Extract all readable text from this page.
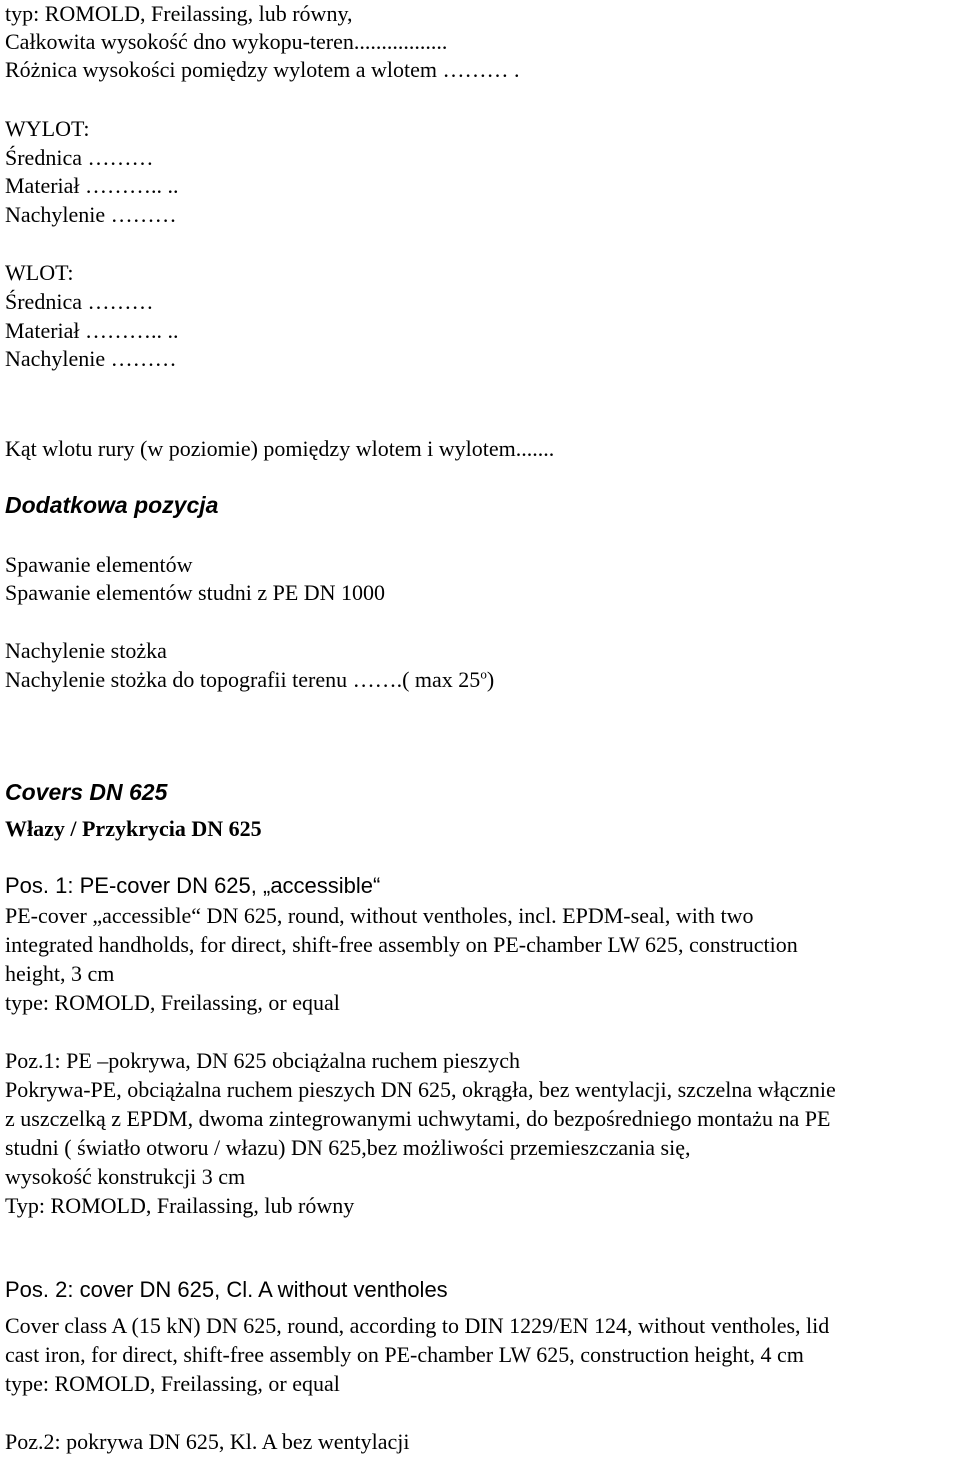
typ: ROMOLD, Freilassing, lub równy,
Całkowita wysokość dno wykopu-teren.................
Różnica wysokości pomiędzy wylotem a wlotem ……… .
WYLOT:
Średnica ………
Materiał ……….. ..
Nachylenie ………
WLOT:
Średnica ………
Materiał ……….. ..
Nachylenie ………
Kąt wlotu rury (w poziomie) pomiędzy wlotem i wylotem.......
Dodatkowa pozycja
Spawanie elementów
Spawanie elementów studni z PE DN 1000
Nachylenie stożka
Nachylenie stożka do topografii terenu …….( max 25$^o$)
Covers DN 625
Włazy / Przykrycia DN 625
Pos. 1: PE-cover DN 625, „accessible“
PE-cover „accessible“ DN 625, round, without ventholes, incl. EPDM-seal, with two
integrated handholds, for direct, shift-free assembly on PE-chamber LW 625, construction
height, 3 cm
type: ROMOLD, Freilassing, or equal
Poz.1: PE –pokrywa, DN 625 obciążalna ruchem pieszych
Pokrywa-PE, obciążalna ruchem pieszych DN 625, okrągła, bez wentylacji, szczelna włącznie
z uszczelką z EPDM, dwoma zintegrowanymi uchwytami, do bezpośredniego montażu na PE
studni ( światło otworu / włazu) DN 625,bez możliwości przemieszczania się,
wysokość konstrukcji 3 cm
Typ: ROMOLD, Frailassing, lub równy
Pos. 2: cover DN 625, Cl. A without ventholes
Cover class A (15 kN) DN 625, round, according to DIN 1229/EN 124, without ventholes, lid
cast iron, for direct, shift-free assembly on PE-chamber LW 625, construction height, 4 cm
type: ROMOLD, Freilassing, or equal
Poz.2: pokrywa DN 625, Kl. A bez wentylacji
